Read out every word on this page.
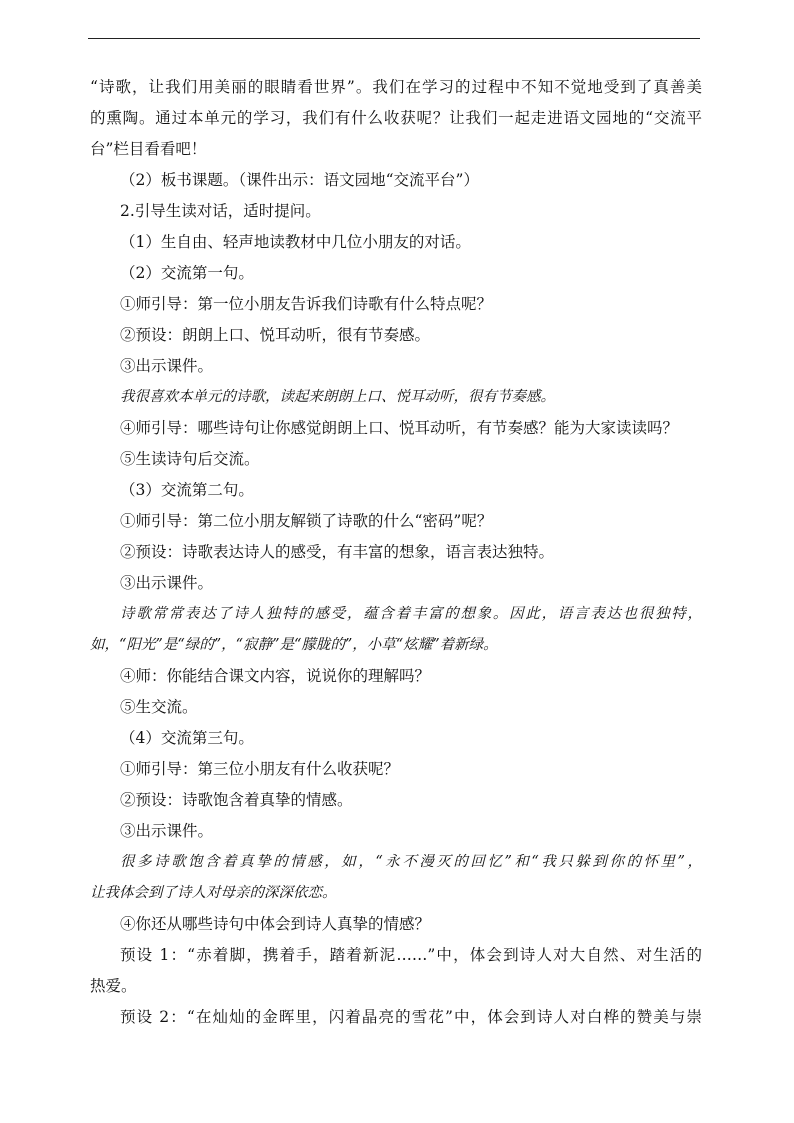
“诗歌，让我们用美丽的眼睛看世界”。我们在学习的过程中不知不觉地受到了真善美
的熏陶。通过本单元的学习，我们有什么收获呢？让我们一起走进语文园地的“交流平
台”栏目看看吧！
（2）板书课题。（课件出示：语文园地“交流平台”）
2.引导生读对话，适时提问。
（1）生自由、轻声地读教材中几位小朋友的对话。
（2）交流第一句。
①师引导：第一位小朋友告诉我们诗歌有什么特点呢？
②预设：朗朗上口、悦耳动听，很有节奏感。
③出示课件。
我很喜欢本单元的诗歌，读起来朗朗上口、悦耳动听，很有节奏感。
④师引导：哪些诗句让你感觉朗朗上口、悦耳动听，有节奏感？能为大家读读吗？
⑤生读诗句后交流。
（3）交流第二句。
①师引导：第二位小朋友解锁了诗歌的什么“密码”呢？
②预设：诗歌表达诗人的感受，有丰富的想象，语言表达独特。
③出示课件。
诗歌常常表达了诗人独特的感受，蕴含着丰富的想象。因此，语言表达也很独特，
如，“阳光”是“绿的”，“寂静”是“朦胧的”，小草“炫耀”着新绿。
④师：你能结合课文内容，说说你的理解吗？
⑤生交流。
（4）交流第三句。
①师引导：第三位小朋友有什么收获呢？
②预设：诗歌饱含着真挚的情感。
③出示课件。
很多诗歌饱含着真挚的情感，如，“永不漫灭的回忆”和“我只躲到你的怀里”，
让我体会到了诗人对母亲的深深依恋。
④你还从哪些诗句中体会到诗人真挚的情感？
预设 1：“赤着脚，携着手，踏着新泥……”中，体会到诗人对大自然、对生活的
热爱。
预设 2：“在灿灿的金晖里，闪着晶亮的雪花”中，体会到诗人对白桦的赞美与崇
